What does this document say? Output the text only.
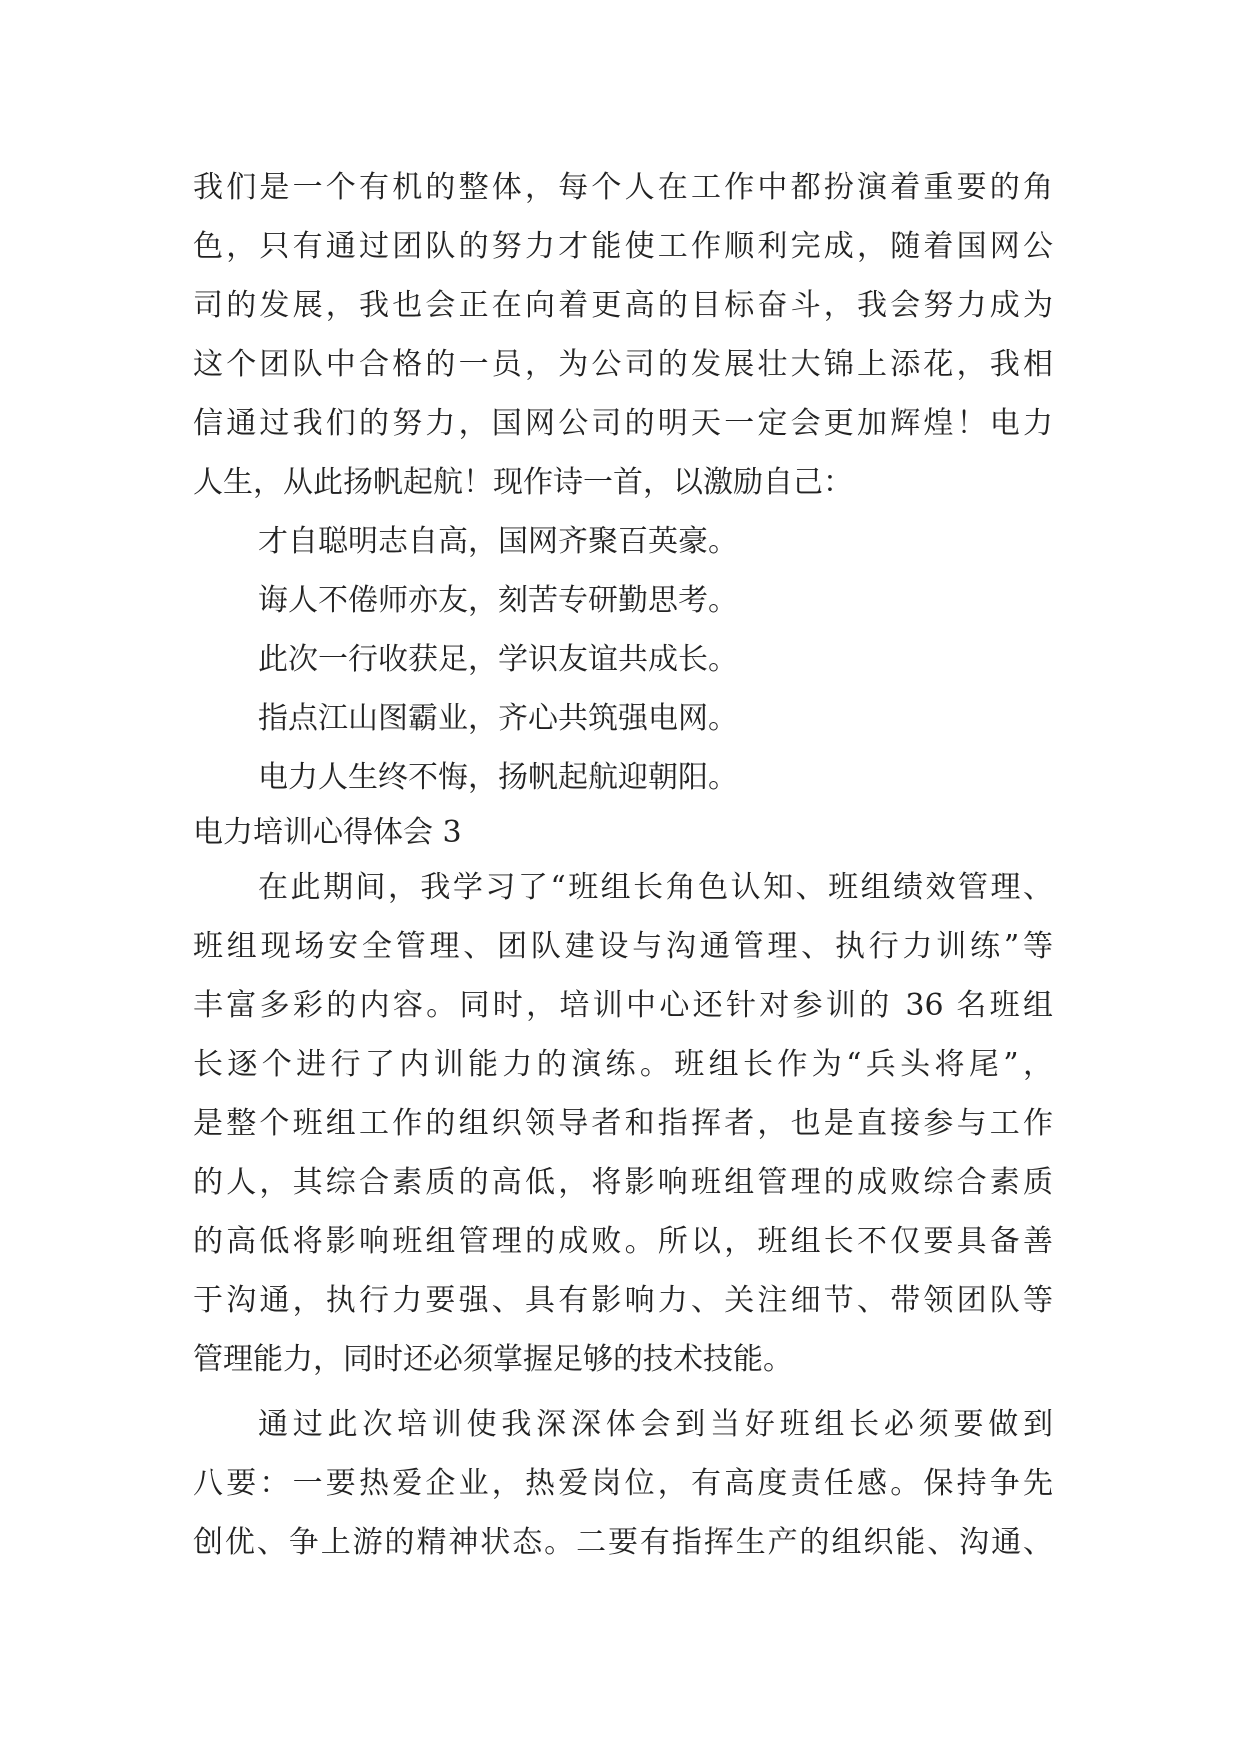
我们是一个有机的整体，每个人在工作中都扮演着重要的角
色，只有通过团队的努力才能使工作顺利完成，随着国网公
司的发展，我也会正在向着更高的目标奋斗，我会努力成为
这个团队中合格的一员，为公司的发展壮大锦上添花，我相
信通过我们的努力，国网公司的明天一定会更加辉煌！电力
人生，从此扬帆起航！现作诗一首，以激励自己：
才自聪明志自高，国网齐聚百英豪。
诲人不倦师亦友，刻苦专研勤思考。
此次一行收获足，学识友谊共成长。
指点江山图霸业，齐心共筑强电网。
电力人生终不悔，扬帆起航迎朝阳。
电力培训心得体会 3
在此期间，我学习了“班组长角色认知、班组绩效管理、
班组现场安全管理、团队建设与沟通管理、执行力训练”等
丰富多彩的内容。同时，培训中心还针对参训的 36 名班组
长逐个进行了内训能力的演练。班组长作为“兵头将尾”，
是整个班组工作的组织领导者和指挥者，也是直接参与工作
的人，其综合素质的高低，将影响班组管理的成败综合素质
的高低将影响班组管理的成败。所以，班组长不仅要具备善
于沟通，执行力要强、具有影响力、关注细节、带领团队等
管理能力，同时还必须掌握足够的技术技能。
通过此次培训使我深深体会到当好班组长必须要做到
八要：一要热爱企业，热爱岗位，有高度责任感。保持争先
创优、争上游的精神状态。二要有指挥生产的组织能、沟通、
